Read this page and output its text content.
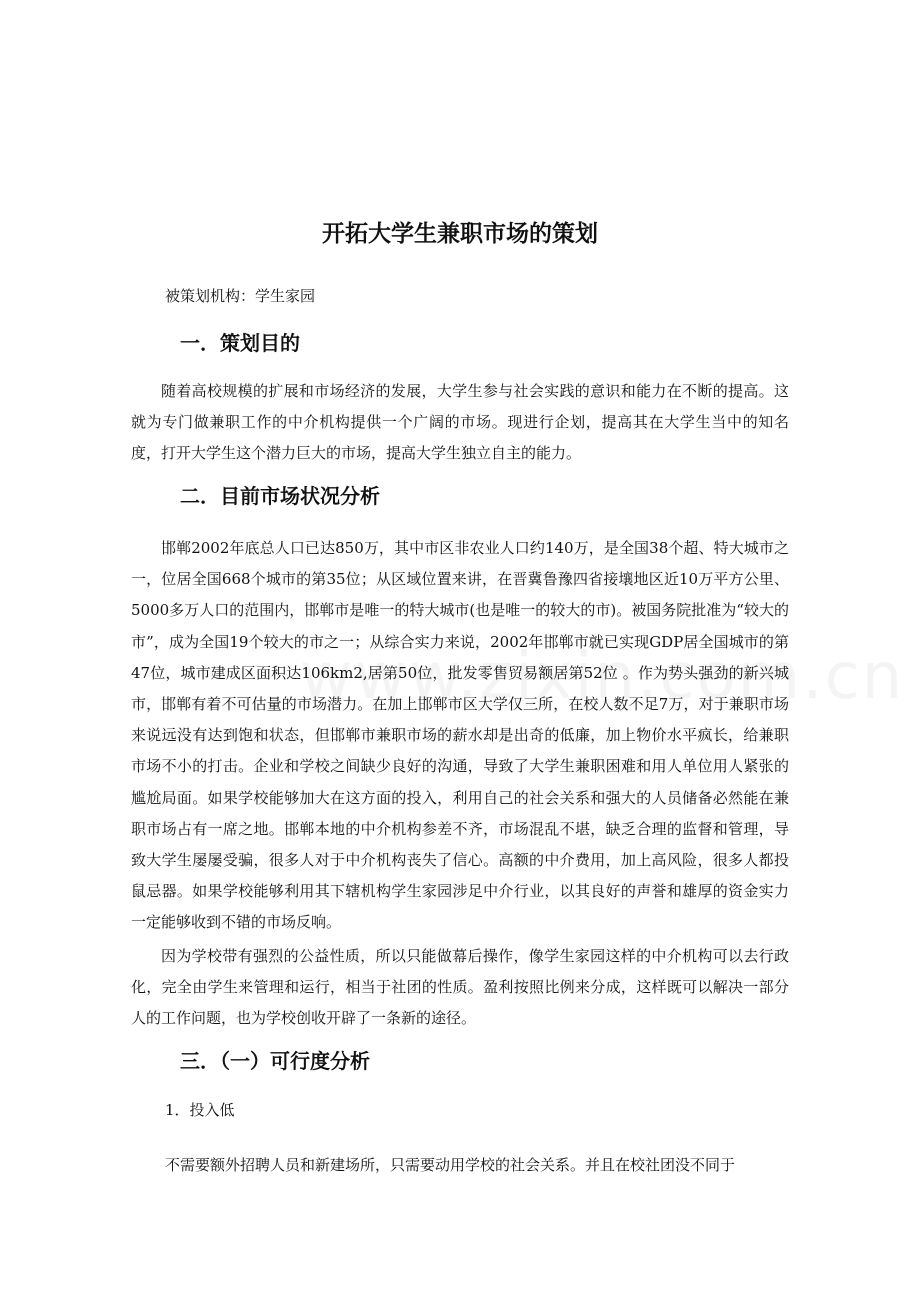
开拓大学生兼职市场的策划

被策划机构：学生家园

一．策划目的

随着高校规模的扩展和市场经济的发展，大学生参与社会实践的意识和能力在不断的提高。这就为专门做兼职工作的中介机构提供一个广阔的市场。现进行企划，提高其在大学生当中的知名度，打开大学生这个潜力巨大的市场，提高大学生独立自主的能力。

二．目前市场状况分析

邯郸2002年底总人口已达850万，其中市区非农业人口约140万，是全国38个超、特大城市之一，位居全国668个城市的第35位；从区域位置来讲，在晋冀鲁豫四省接壤地区近10万平方公里、5000多万人口的范围内，邯郸市是唯一的特大城市(也是唯一的较大的市)。被国务院批准为“较大的市”，成为全国19个较大的市之一；从综合实力来说，2002年邯郸市就已实现GDP居全国城市的第47位，城市建成区面积达106km2,居第50位，批发零售贸易额居第52位 。作为势头强劲的新兴城市，邯郸有着不可估量的市场潜力。在加上邯郸市区大学仅三所，在校人数不足7万，对于兼职市场来说远没有达到饱和状态，但邯郸市兼职市场的薪水却是出奇的低廉，加上物价水平疯长，给兼职市场不小的打击。企业和学校之间缺少良好的沟通，导致了大学生兼职困难和用人单位用人紧张的尴尬局面。如果学校能够加大在这方面的投入，利用自己的社会关系和强大的人员储备必然能在兼职市场占有一席之地。邯郸本地的中介机构参差不齐，市场混乱不堪，缺乏合理的监督和管理，导致大学生屡屡受骗，很多人对于中介机构丧失了信心。高额的中介费用，加上高风险，很多人都投鼠忌器。如果学校能够利用其下辖机构学生家园涉足中介行业，以其良好的声誉和雄厚的资金实力一定能够收到不错的市场反响。

因为学校带有强烈的公益性质，所以只能做幕后操作，像学生家园这样的中介机构可以去行政化，完全由学生来管理和运行，相当于社团的性质。盈利按照比例来分成，这样既可以解决一部分人的工作问题，也为学校创收开辟了一条新的途径。

三．（一）可行度分析

1．投入低

不需要额外招聘人员和新建场所，只需要动用学校的社会关系。并且在校社团没不同于
